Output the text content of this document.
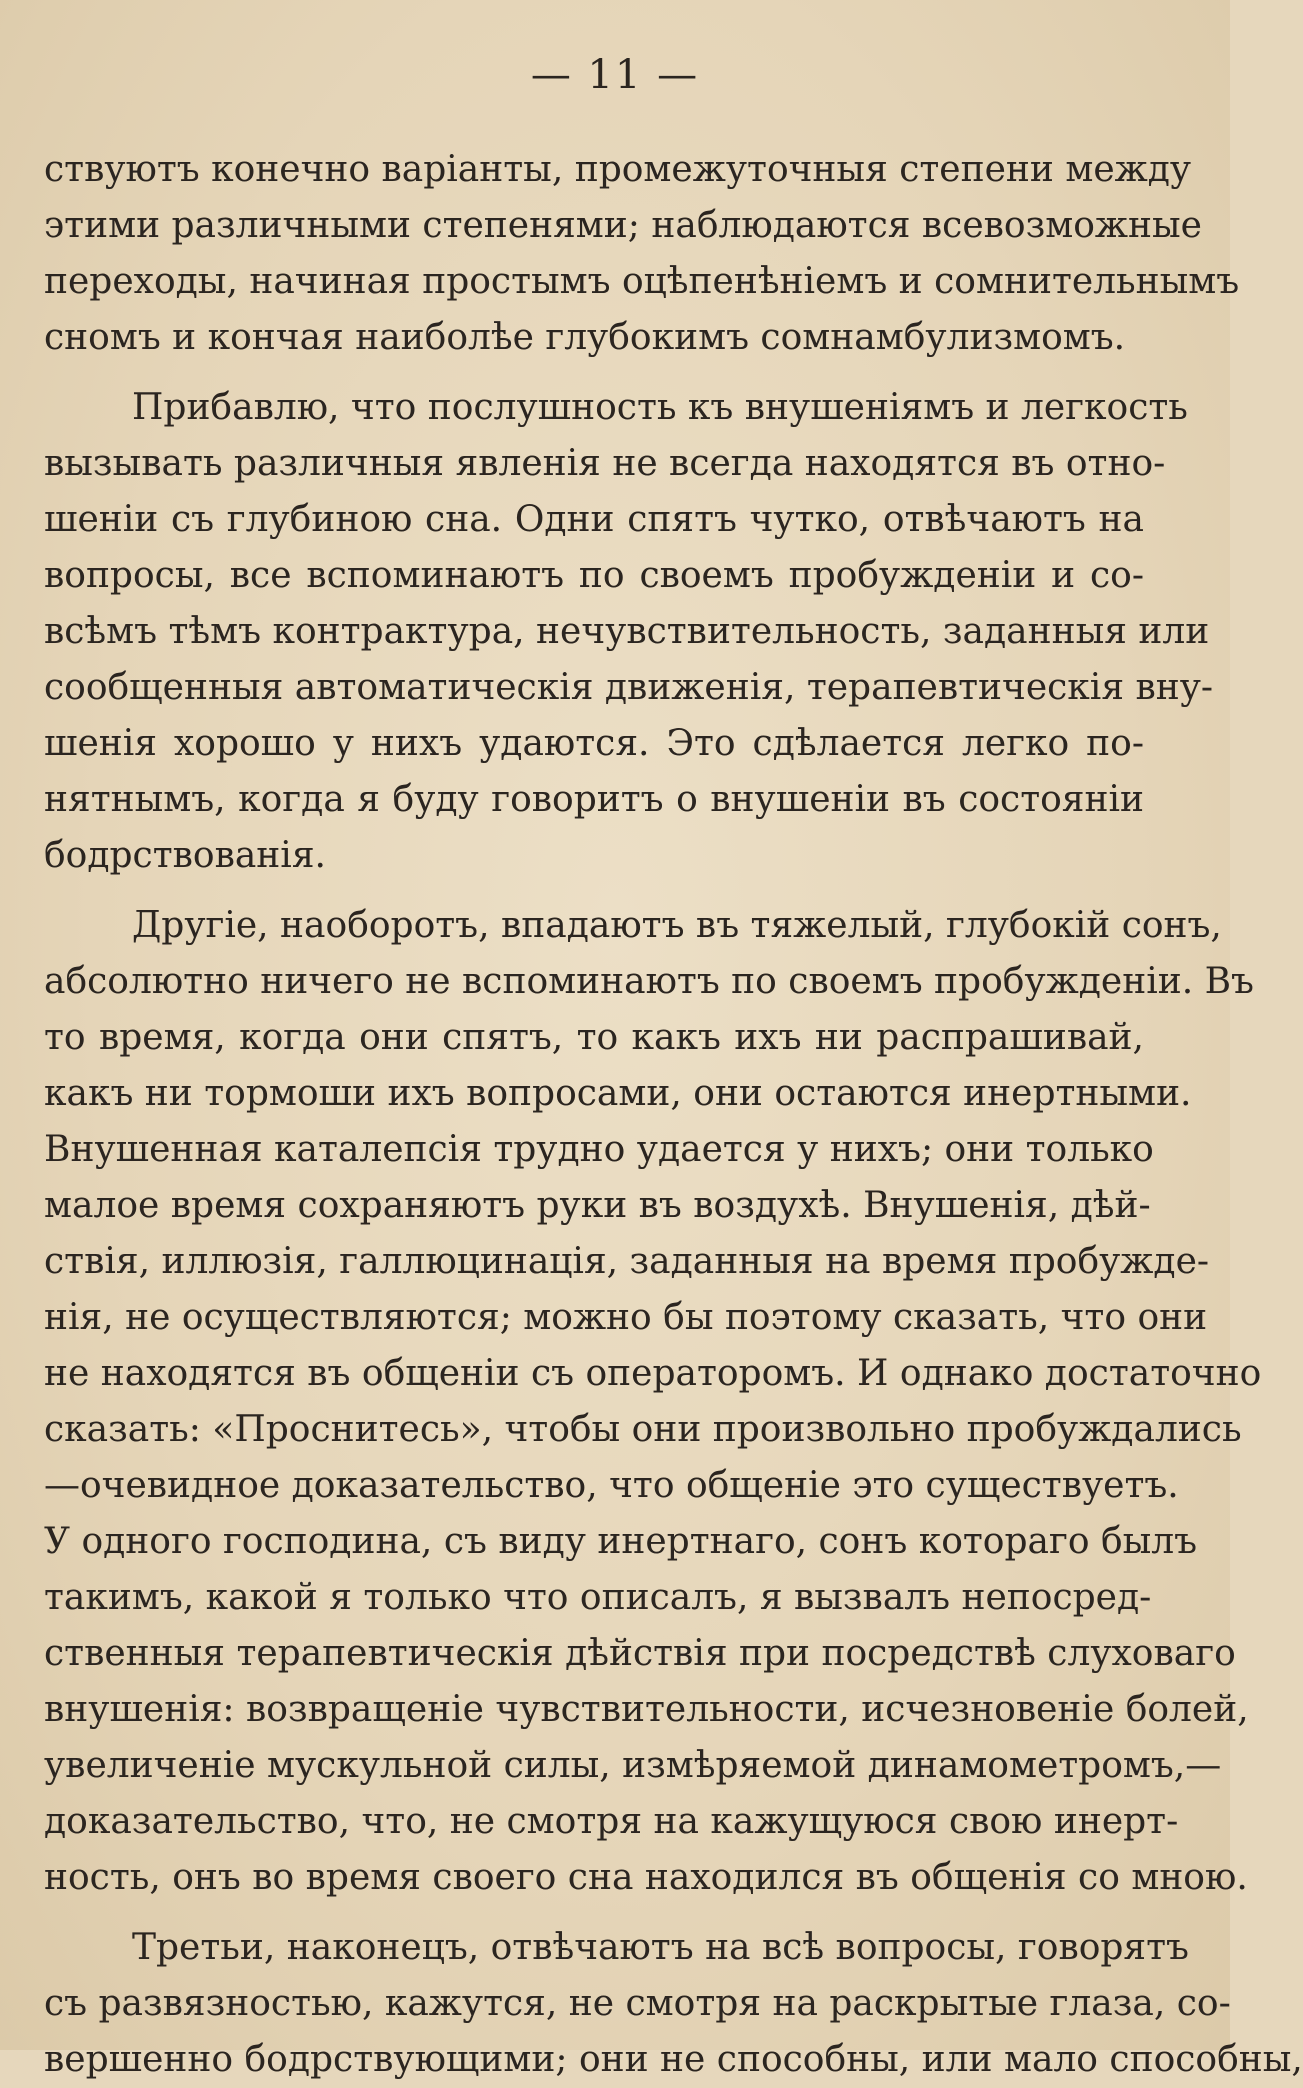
— 11 —
ствуютъ конечно варіанты, промежуточныя степени между
этими различными степенями; наблюдаются всевозможные
переходы, начиная простымъ оцѣпенѣніемъ и сомнительнымъ
сномъ и кончая наиболѣе глубокимъ сомнамбулизмомъ.
Прибавлю, что послушность къ внушеніямъ и легкость
вызывать различныя явленія не всегда находятся въ отно-
шеніи съ глубиною сна. Одни спятъ чутко, отвѣчаютъ на
вопросы, все вспоминаютъ по своемъ пробужденіи и со-
всѣмъ тѣмъ контрактура, нечувствительность, заданныя или
сообщенныя автоматическія движенія, терапевтическія вну-
шенія хорошо у нихъ удаются. Это сдѣлается легко по-
нятнымъ, когда я буду говоритъ о внушеніи въ состояніи
бодрствованія.
Другіе, наоборотъ, впадаютъ въ тяжелый, глубокій сонъ,
абсолютно ничего не вспоминаютъ по своемъ пробужденіи. Въ
то время, когда они спятъ, то какъ ихъ ни распрашивай,
какъ ни тормоши ихъ вопросами, они остаются инертными.
Внушенная каталепсія трудно удается у нихъ; они только
малое время сохраняютъ руки въ воздухѣ. Внушенія, дѣй-
ствія, иллюзія, галлюцинація, заданныя на время пробужде-
нія, не осуществляются; можно бы поэтому сказать, что они
не находятся въ общеніи съ операторомъ. И однако достаточно
сказать: «Проснитесь», чтобы они произвольно пробуждались
—очевидное доказательство, что общеніе это существуетъ.
У одного господина, съ виду инертнаго, сонъ котораго былъ
такимъ, какой я только что описалъ, я вызвалъ непосред-
ственныя терапевтическія дѣйствія при посредствѣ слуховаго
внушенія: возвращеніе чувствительности, исчезновеніе болей,
увеличеніе мускульной силы, измѣряемой динамометромъ,—
доказательство, что, не смотря на кажущуюся свою инерт-
ность, онъ во время своего сна находился въ общенія со мною.
Третьи, наконецъ, отвѣчаютъ на всѣ вопросы, говорятъ
съ развязностью, кажутся, не смотря на раскрытые глаза, со-
вершенно бодрствующими; они не способны, или мало способны,
